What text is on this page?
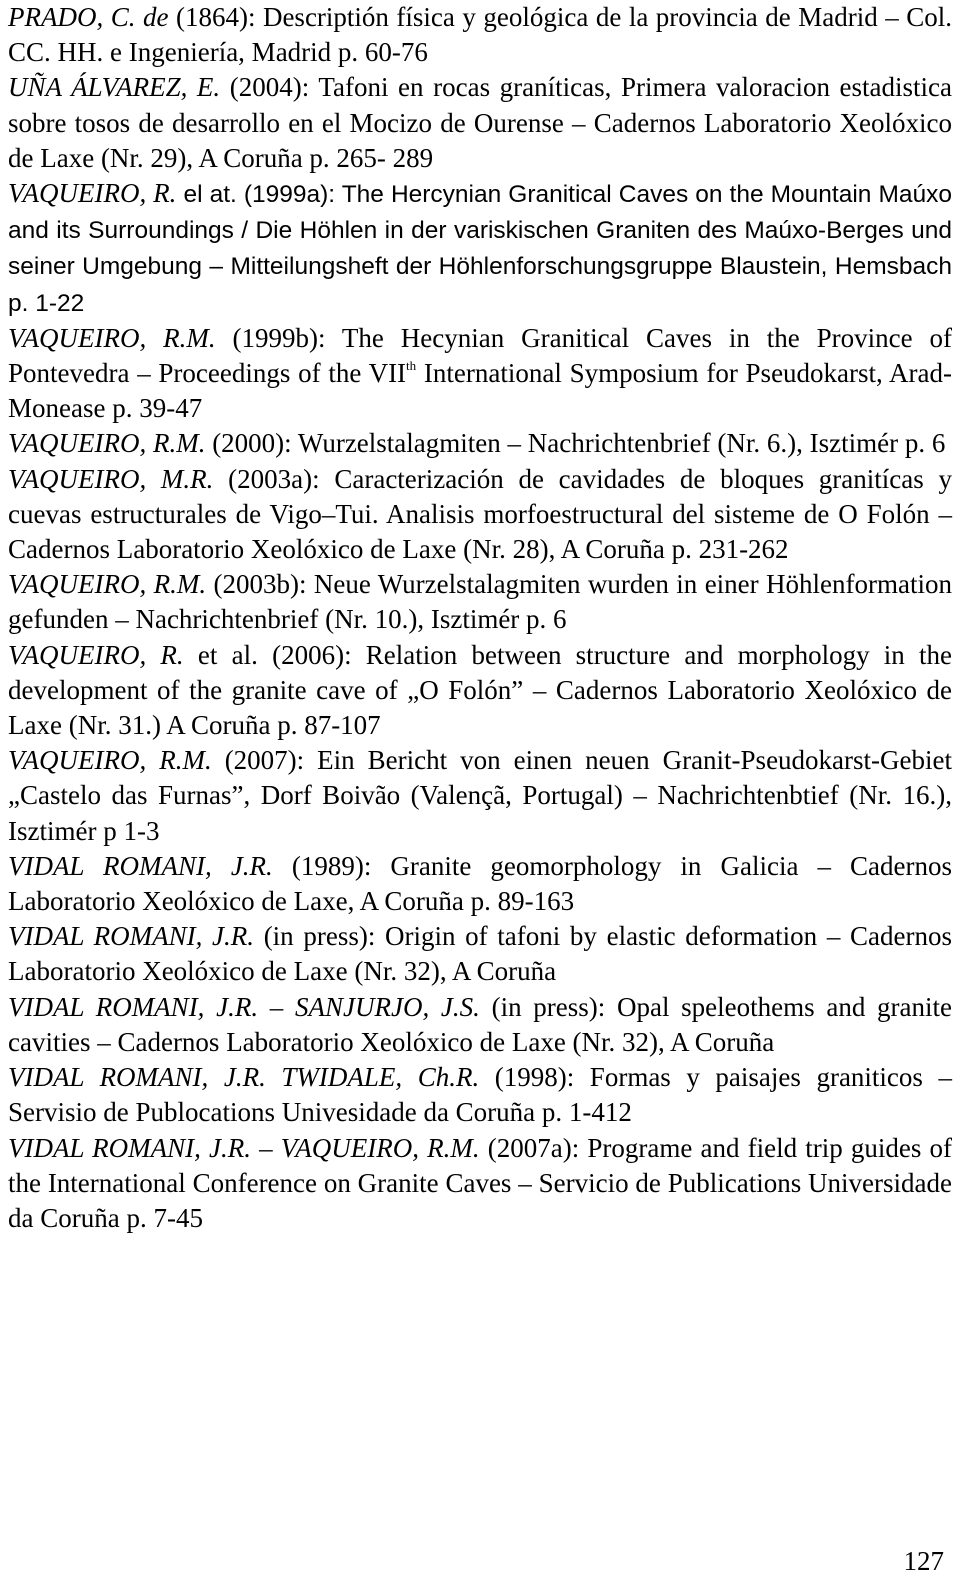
PRADO, C. de (1864): Descriptión física y geológica de la provincia de Madrid – Col. CC. HH. e Ingeniería, Madrid p. 60-76

UÑA ÁLVAREZ, E. (2004): Tafoni en rocas graníticas, Primera valoracion estadistica sobre tosos de desarrollo en el Mocizo de Ourense – Cadernos Laboratorio Xeolóxico de Laxe (Nr. 29), A Coruña p. 265- 289

VAQUEIRO, R. el at. (1999a): The Hercynian Granitical Caves on the Mountain Maúxo and its Surroundings / Die Höhlen in der variskischen Graniten des Maúxo-Berges und seiner Umgebung – Mitteilungsheft der Höhlenforschungsgruppe Blaustein, Hemsbach p. 1-22

VAQUEIRO, R.M. (1999b): The Hecynian Granitical Caves in the Province of Pontevedra – Proceedings of the VIIth International Symposium for Pseudokarst, Arad-Monease p. 39-47

VAQUEIRO, R.M. (2000): Wurzelstalagmiten – Nachrichtenbrief (Nr. 6.), Isztimér p. 6

VAQUEIRO, M.R. (2003a): Caracterización de cavidades de bloques granitícas y cuevas estructurales de Vigo–Tui. Analisis morfoestructural del sisteme de O Folón – Cadernos Laboratorio Xeolóxico de Laxe (Nr. 28), A Coruña p. 231-262

VAQUEIRO, R.M. (2003b): Neue Wurzelstalagmiten wurden in einer Höhlenformation gefunden – Nachrichtenbrief (Nr. 10.), Isztimér p. 6

VAQUEIRO, R. et al. (2006): Relation between structure and morphology in the development of the granite cave of „O Folón” – Cadernos Laboratorio Xeolóxico de Laxe (Nr. 31.) A Coruña p. 87-107

VAQUEIRO, R.M. (2007): Ein Bericht von einen neuen Granit-Pseudokarst-Gebiet „Castelo das Furnas”, Dorf Boivão (Valençã, Portugal) – Nachrichtenbtief (Nr. 16.), Isztimér p 1-3

VIDAL ROMANI, J.R. (1989): Granite geomorphology in Galicia – Cadernos Laboratorio Xeolóxico de Laxe, A Coruña p. 89-163

VIDAL ROMANI, J.R. (in press): Origin of tafoni by elastic deformation – Cadernos Laboratorio Xeolóxico de Laxe (Nr. 32), A Coruña

VIDAL ROMANI, J.R. – SANJURJO, J.S. (in press): Opal speleothems and granite cavities – Cadernos Laboratorio Xeolóxico de Laxe (Nr. 32), A Coruña

VIDAL ROMANI, J.R. TWIDALE, Ch.R. (1998): Formas y paisajes graniticos – Servisio de Publocations Univesidade da Coruña p. 1-412

VIDAL ROMANI, J.R. – VAQUEIRO, R.M. (2007a): Programe and field trip guides of the International Conference on Granite Caves – Servicio de Publications Universidade da Coruña p. 7-45

127
